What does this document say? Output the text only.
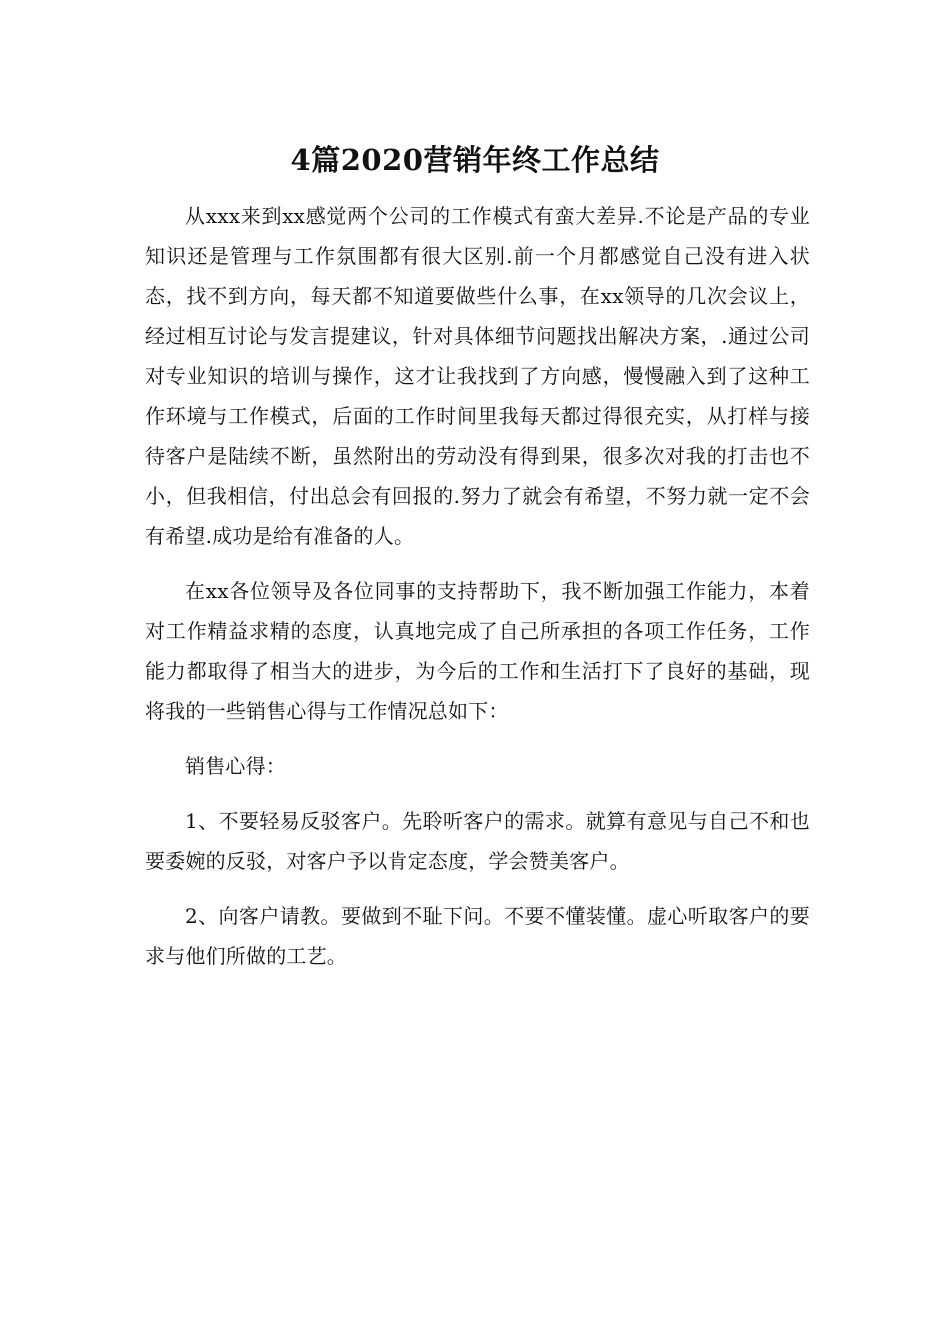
4篇2020营销年终工作总结

从xxx来到xx感觉两个公司的工作模式有蛮大差异.不论是产品的专业知识还是管理与工作氛围都有很大区别.前一个月都感觉自己没有进入状态，找不到方向，每天都不知道要做些什么事，在xx领导的几次会议上，经过相互讨论与发言提建议，针对具体细节问题找出解决方案，.通过公司对专业知识的培训与操作，这才让我找到了方向感，慢慢融入到了这种工作环境与工作模式，后面的工作时间里我每天都过得很充实，从打样与接待客户是陆续不断，虽然附出的劳动没有得到果，很多次对我的打击也不小，但我相信，付出总会有回报的.努力了就会有希望，不努力就一定不会有希望.成功是给有准备的人。

在xx各位领导及各位同事的支持帮助下，我不断加强工作能力，本着对工作精益求精的态度，认真地完成了自己所承担的各项工作任务，工作能力都取得了相当大的进步，为今后的工作和生活打下了良好的基础，现将我的一些销售心得与工作情况总如下：

销售心得：

1、不要轻易反驳客户。先聆听客户的需求。就算有意见与自己不和也要委婉的反驳，对客户予以肯定态度，学会赞美客户。

2、向客户请教。要做到不耻下问。不要不懂装懂。虚心听取客户的要求与他们所做的工艺。
